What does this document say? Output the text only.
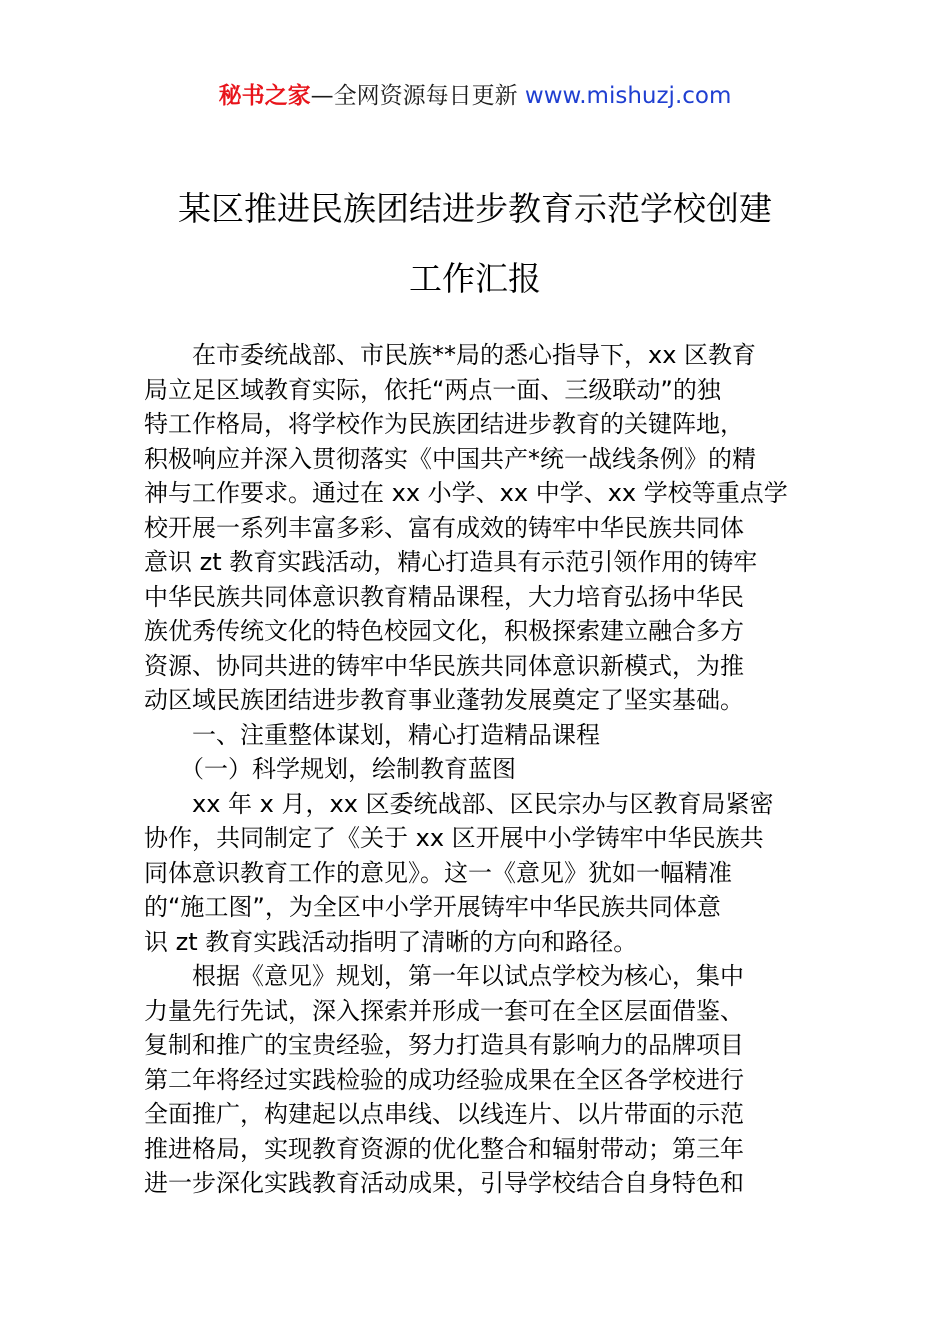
秘书之家—全网资源每日更新 www.mishuzj.com
某区推进民族团结进步教育示范学校创建
工作汇报
　　在市委统战部、市民族**局的悉心指导下，xx 区教育
局立足区域教育实际，依托“两点一面、三级联动”的独
特工作格局，将学校作为民族团结进步教育的关键阵地，
积极响应并深入贯彻落实《中国共产*统一战线条例》的精
神与工作要求。通过在 xx 小学、xx 中学、xx 学校等重点学
校开展一系列丰富多彩、富有成效的铸牢中华民族共同体
意识 zt 教育实践活动，精心打造具有示范引领作用的铸牢
中华民族共同体意识教育精品课程，大力培育弘扬中华民
族优秀传统文化的特色校园文化，积极探索建立融合多方
资源、协同共进的铸牢中华民族共同体意识新模式，为推
动区域民族团结进步教育事业蓬勃发展奠定了坚实基础。
　　一、注重整体谋划，精心打造精品课程
　　（一）科学规划，绘制教育蓝图
　　xx 年 x 月，xx 区委统战部、区民宗办与区教育局紧密
协作，共同制定了《关于 xx 区开展中小学铸牢中华民族共
同体意识教育工作的意见》。这一《意见》犹如一幅精准
的“施工图”，为全区中小学开展铸牢中华民族共同体意
识 zt 教育实践活动指明了清晰的方向和路径。
　　根据《意见》规划，第一年以试点学校为核心，集中
力量先行先试，深入探索并形成一套可在全区层面借鉴、
复制和推广的宝贵经验，努力打造具有影响力的品牌项目
第二年将经过实践检验的成功经验成果在全区各学校进行
全面推广，构建起以点串线、以线连片、以片带面的示范
推进格局，实现教育资源的优化整合和辐射带动；第三年
进一步深化实践教育活动成果，引导学校结合自身特色和
